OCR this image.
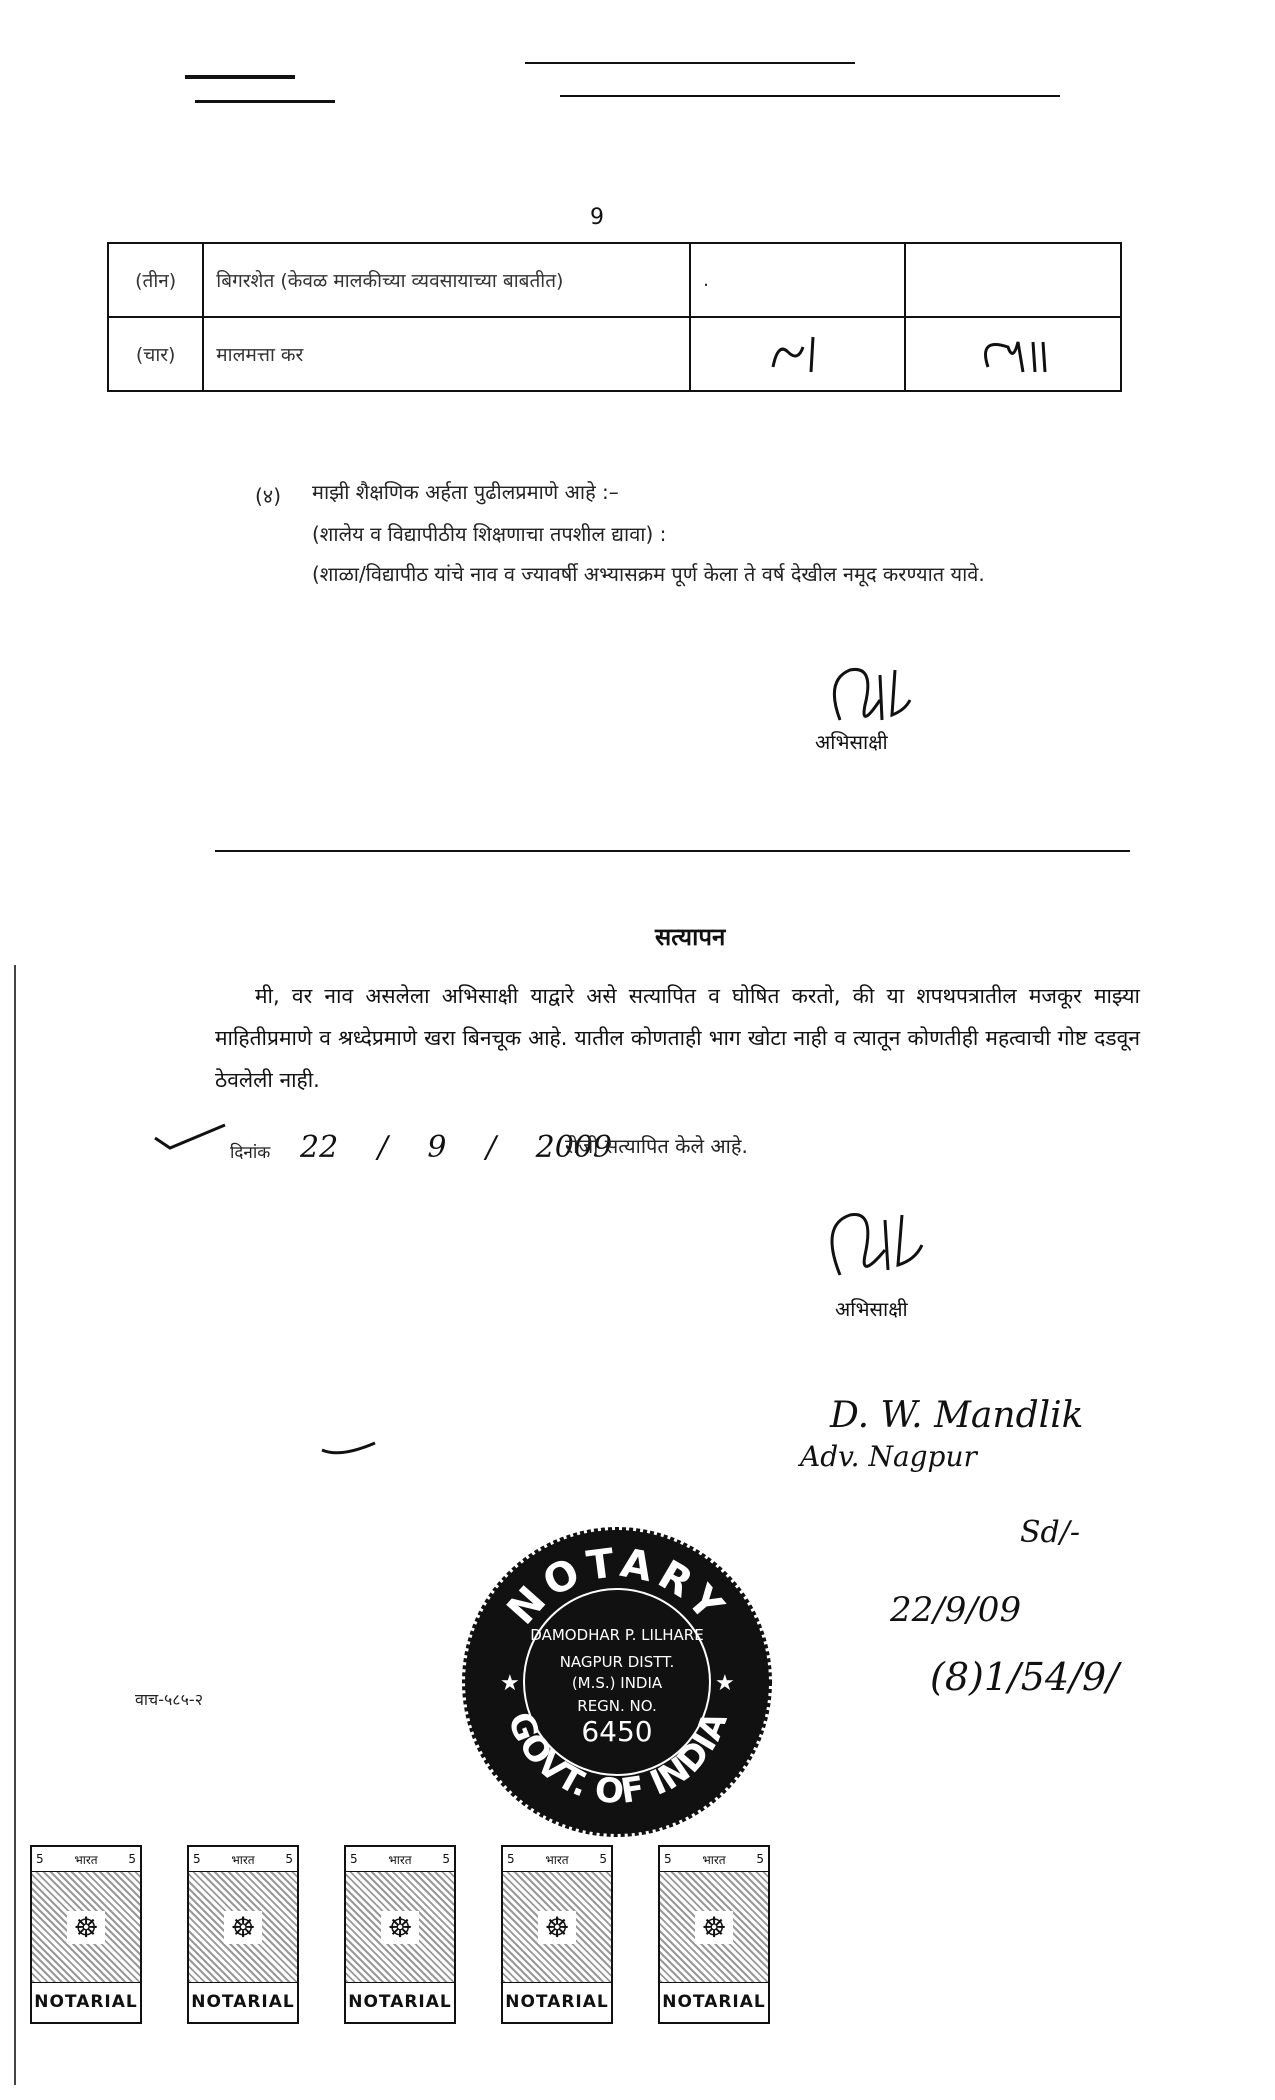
9
(तीन)	बिगरशेत (केवळ मालकीच्या व्यवसायाच्या बाबतीत)	.	
(चार)	मालमत्ता कर		
(४) माझी शैक्षणिक अर्हता पुढीलप्रमाणे आहे :–
(शालेय व विद्यापीठीय शिक्षणाचा तपशील द्यावा) :
(शाळा/विद्यापीठ यांचे नाव व ज्यावर्षी अभ्यासक्रम पूर्ण केला ते वर्ष देखील नमूद करण्यात यावे.
अभिसाक्षी
सत्यापन
मी, वर नाव असलेला अभिसाक्षी याद्वारे असे सत्यापित व घोषित करतो, की या शपथपत्रातील मजकूर माझ्या माहितीप्रमाणे व श्रध्देप्रमाणे खरा बिनचूक आहे. यातील कोणताही भाग खोटा नाही व त्यातून कोणतीही महत्वाची गोष्ट दडवून ठेवलेली नाही.
दिनांक 22 / 9 / 2009
रोजी सत्यापित केले आहे.
अभिसाक्षी
D. W. Mandlik
Adv. Nagpur
Sd/-
22/9/09
(8)1/54/9/
NOTARY
GOVT. OF INDIA
DAMODHAR P. LILHARE
NAGPUR DISTT.
(M.S.) INDIA
REGN. NO.
6450
★	★
वाच-५८५-२
5	भारत	5
☸
NOTARIAL
5	भारत	5
☸
NOTARIAL
5	भारत	5
☸
NOTARIAL
5	भारत	5
☸
NOTARIAL
5	भारत	5
☸
NOTARIAL
